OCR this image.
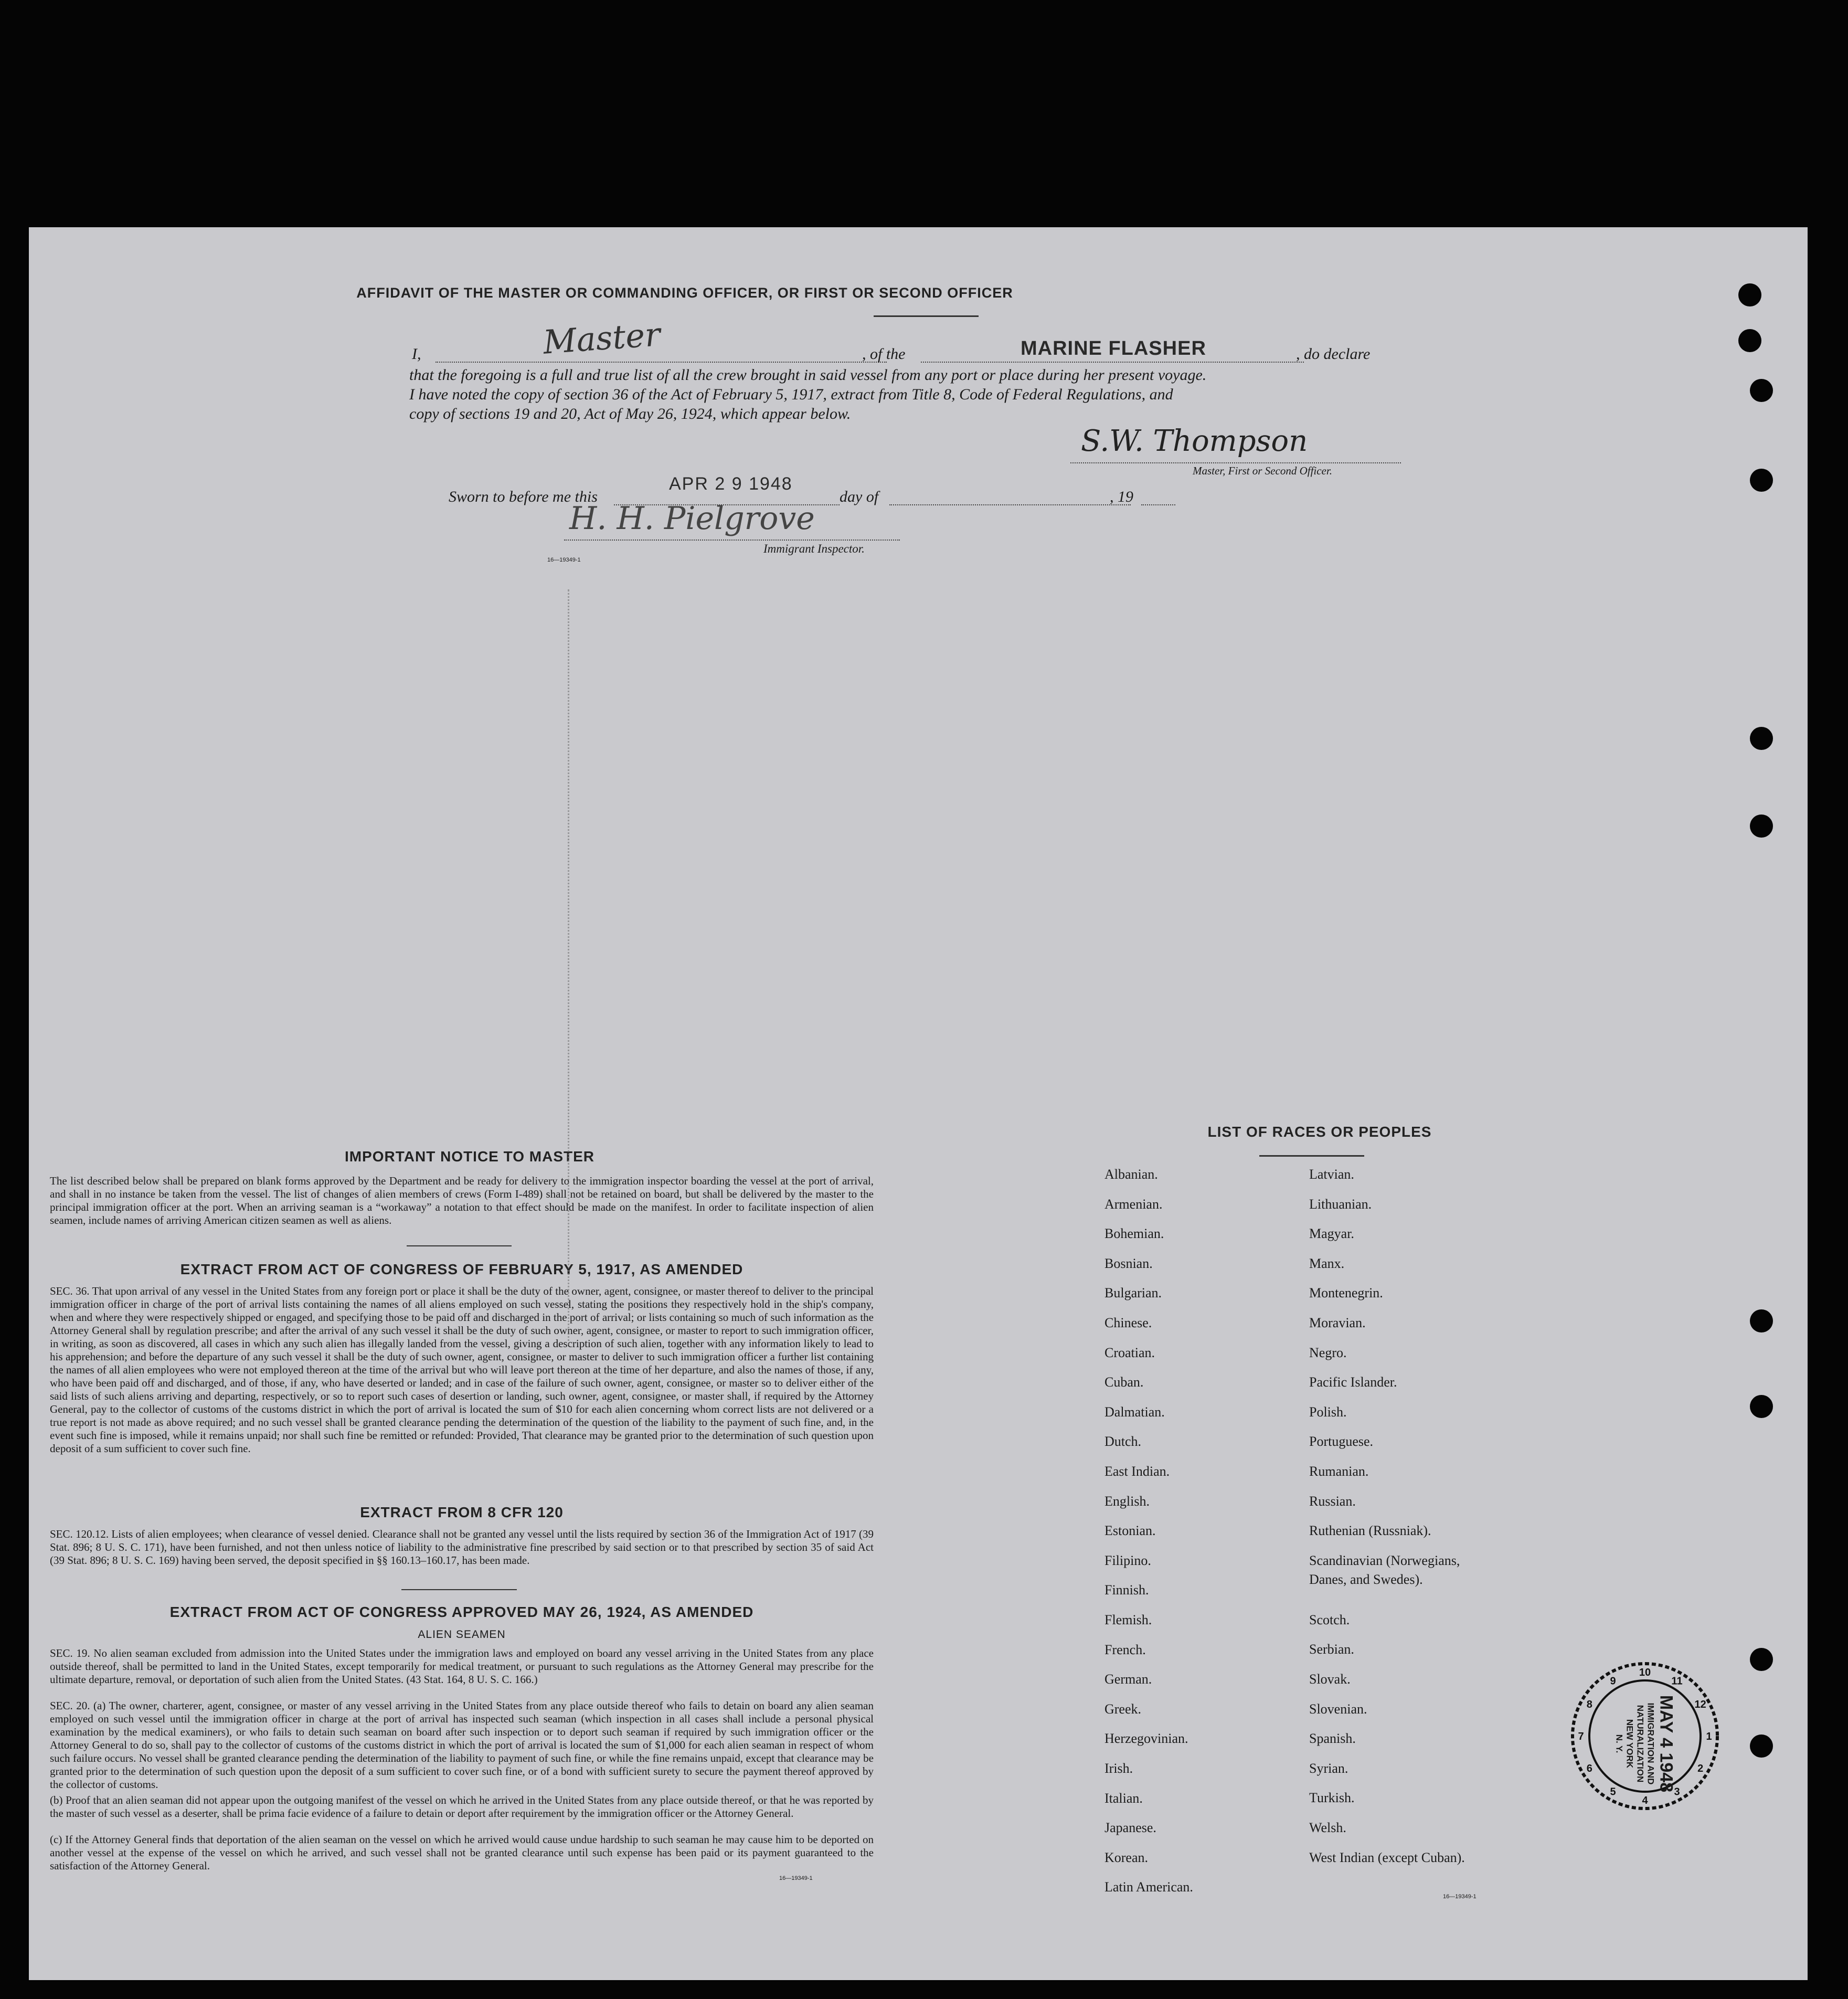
AFFIDAVIT OF THE MASTER OR COMMANDING OFFICER, OR FIRST OR SECOND OFFICER
I,	Master	, of the	MARINE FLASHER	, do declare
that the foregoing is a full and true list of all the crew brought in said vessel from any port or place during her present voyage.
I have noted the copy of section 36 of the Act of February 5, 1917, extract from Title 8, Code of Federal Regulations, and
copy of sections 19 and 20, Act of May 26, 1924, which appear below.
S.W. Thompson
Master, First or Second Officer.
Sworn to before me this
APR 2 9 1948
day of	, 19
H. H. Pielgrove
Immigrant Inspector.
16—19349-1
IMPORTANT NOTICE TO MASTER
The list described below shall be prepared on blank forms approved by the Department and be ready for delivery to the immigration inspector boarding the vessel at the port of arrival, and shall in no instance be taken from the vessel. The list of changes of alien members of crews (Form I-489) shall not be retained on board, but shall be delivered by the master to the principal immigration officer at the port. When an arriving seaman is a “workaway” a notation to that effect should be made on the manifest. In order to facilitate inspection of alien seamen, include names of arriving American citizen seamen as well as aliens.
EXTRACT FROM ACT OF CONGRESS OF FEBRUARY 5, 1917, AS AMENDED
SEC. 36. That upon arrival of any vessel in the United States from any foreign port or place it shall be the duty of the owner, agent, consignee, or master thereof to deliver to the principal immigration officer in charge of the port of arrival lists containing the names of all aliens employed on such vessel, stating the positions they respectively hold in the ship's company, when and where they were respectively shipped or engaged, and specifying those to be paid off and discharged in the port of arrival; or lists containing so much of such information as the Attorney General shall by regulation prescribe; and after the arrival of any such vessel it shall be the duty of such owner, agent, consignee, or master to report to such immigration officer, in writing, as soon as discovered, all cases in which any such alien has illegally landed from the vessel, giving a description of such alien, together with any information likely to lead to his apprehension; and before the departure of any such vessel it shall be the duty of such owner, agent, consignee, or master to deliver to such immigration officer a further list containing the names of all alien employees who were not employed thereon at the time of the arrival but who will leave port thereon at the time of her departure, and also the names of those, if any, who have been paid off and discharged, and of those, if any, who have deserted or landed; and in case of the failure of such owner, agent, consignee, or master so to deliver either of the said lists of such aliens arriving and departing, respectively, or so to report such cases of desertion or landing, such owner, agent, consignee, or master shall, if required by the Attorney General, pay to the collector of customs of the customs district in which the port of arrival is located the sum of $10 for each alien concerning whom correct lists are not delivered or a true report is not made as above required; and no such vessel shall be granted clearance pending the determination of the question of the liability to the payment of such fine, and, in the event such fine is imposed, while it remains unpaid; nor shall such fine be remitted or refunded: Provided, That clearance may be granted prior to the determination of such question upon deposit of a sum sufficient to cover such fine.
EXTRACT FROM 8 CFR 120
SEC. 120.12. Lists of alien employees; when clearance of vessel denied. Clearance shall not be granted any vessel until the lists required by section 36 of the Immigration Act of 1917 (39 Stat. 896; 8 U. S. C. 171), have been furnished, and not then unless notice of liability to the administrative fine prescribed by said section or to that prescribed by section 35 of said Act (39 Stat. 896; 8 U. S. C. 169) having been served, the deposit specified in §§ 160.13–160.17, has been made.
EXTRACT FROM ACT OF CONGRESS APPROVED MAY 26, 1924, AS AMENDED
ALIEN SEAMEN
SEC. 19. No alien seaman excluded from admission into the United States under the immigration laws and employed on board any vessel arriving in the United States from any place outside thereof, shall be permitted to land in the United States, except temporarily for medical treatment, or pursuant to such regulations as the Attorney General may prescribe for the ultimate departure, removal, or deportation of such alien from the United States. (43 Stat. 164, 8 U. S. C. 166.)
SEC. 20. (a) The owner, charterer, agent, consignee, or master of any vessel arriving in the United States from any place outside thereof who fails to detain on board any alien seaman employed on such vessel until the immigration officer in charge at the port of arrival has inspected such seaman (which inspection in all cases shall include a personal physical examination by the medical examiners), or who fails to detain such seaman on board after such inspection or to deport such seaman if required by such immigration officer or the Attorney General to do so, shall pay to the collector of customs of the customs district in which the port of arrival is located the sum of $1,000 for each alien seaman in respect of whom such failure occurs. No vessel shall be granted clearance pending the determination of the liability to payment of such fine, or while the fine remains unpaid, except that clearance may be granted prior to the determination of such question upon the deposit of a sum sufficient to cover such fine, or of a bond with sufficient surety to secure the payment thereof approved by the collector of customs.
(b) Proof that an alien seaman did not appear upon the outgoing manifest of the vessel on which he arrived in the United States from any place outside thereof, or that he was reported by the master of such vessel as a deserter, shall be prima facie evidence of a failure to detain or deport after requirement by the immigration officer or the Attorney General.
(c) If the Attorney General finds that deportation of the alien seaman on the vessel on which he arrived would cause undue hardship to such seaman he may cause him to be deported on another vessel at the expense of the vessel on which he arrived, and such vessel shall not be granted clearance until such expense has been paid or its payment guaranteed to the satisfaction of the Attorney General.
16—19349-1
LIST OF RACES OR PEOPLES
16—19349-1
10
11
12
1
2
3
4
5
6
7
8
9
MAY 4 1948
IMMIGRATION AND
NATURALIZATION
NEW YORK
N. Y.
Albanian.
Armenian.
Bohemian.
Bosnian.
Bulgarian.
Chinese.
Croatian.
Cuban.
Dalmatian.
Dutch.
East Indian.
English.
Estonian.
Filipino.
Finnish.
Flemish.
French.
German.
Greek.
Herzegovinian.
Irish.
Italian.
Japanese.
Korean.
Latin American.
Latvian.
Lithuanian.
Magyar.
Manx.
Montenegrin.
Moravian.
Negro.
Pacific Islander.
Polish.
Portuguese.
Rumanian.
Russian.
Ruthenian (Russniak).
Scandinavian (Norwegians,
Danes, and Swedes).
Scotch.
Serbian.
Slovak.
Slovenian.
Spanish.
Syrian.
Turkish.
Welsh.
West Indian (except Cuban).
